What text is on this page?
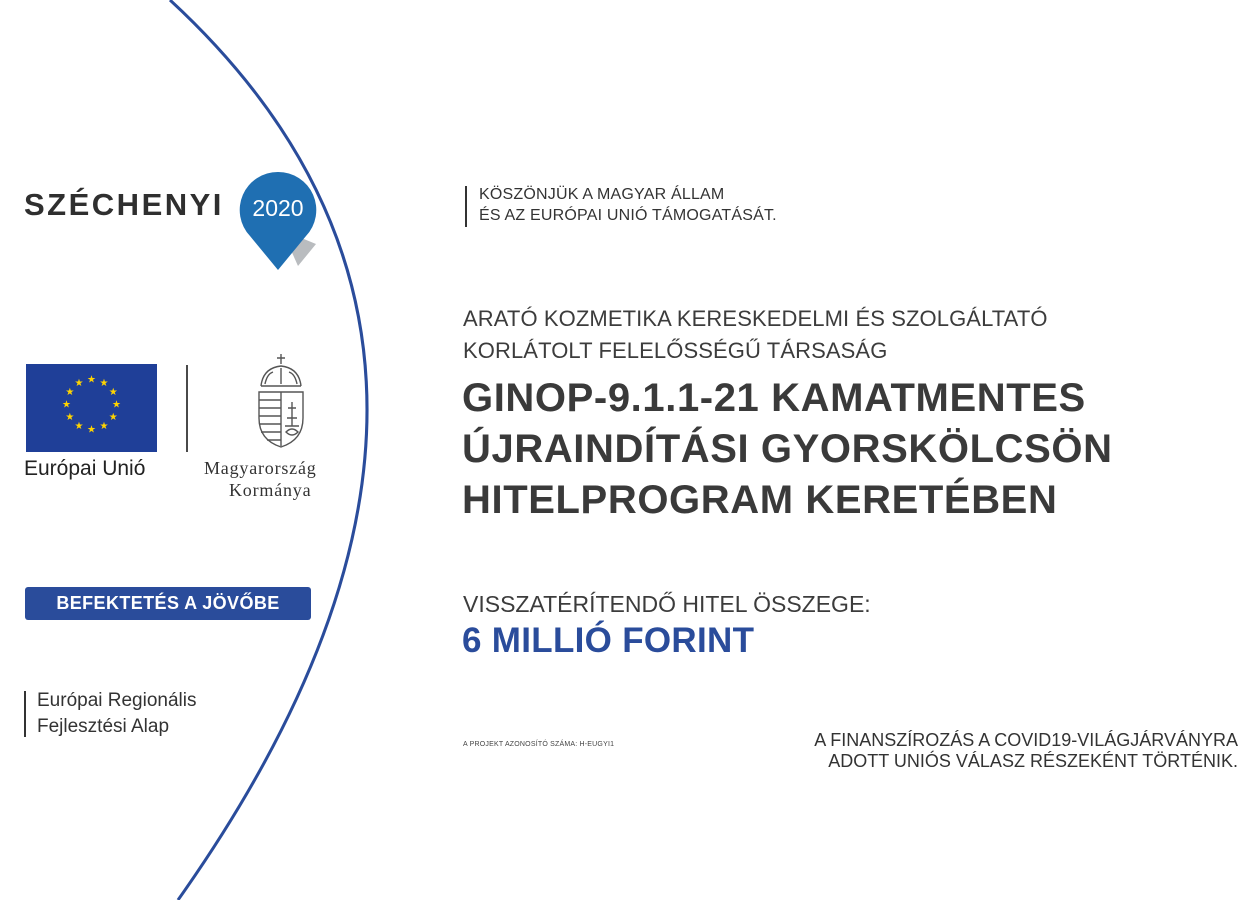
SZÉCHENYI 2020
★ ★
★
★
★
★
★
★
★
★
★
★
Európai Unió	Magyarország
Kormánya
BEFEKTETÉS A JÖVŐBE
Európai Regionális
Fejlesztési Alap
KÖSZÖNJÜK A MAGYAR ÁLLAM
ÉS AZ EURÓPAI UNIÓ TÁMOGATÁSÁT.
ARATÓ KOZMETIKA KERESKEDELMI ÉS SZOLGÁLTATÓ
KORLÁTOLT FELELŐSSÉGŰ TÁRSASÁG
GINOP-9.1.1-21 KAMATMENTES
ÚJRAINDÍTÁSI GYORSKÖLCSÖN
HITELPROGRAM KERETÉBEN
VISSZATÉRÍTENDŐ HITEL ÖSSZEGE:
6 MILLIÓ FORINT
A PROJEKT AZONOSÍTÓ SZÁMA: H-EUGYI1	A FINANSZÍROZÁS A COVID19-VILÁGJÁRVÁNYRA
ADOTT UNIÓS VÁLASZ RÉSZEKÉNT TÖRTÉNIK.
